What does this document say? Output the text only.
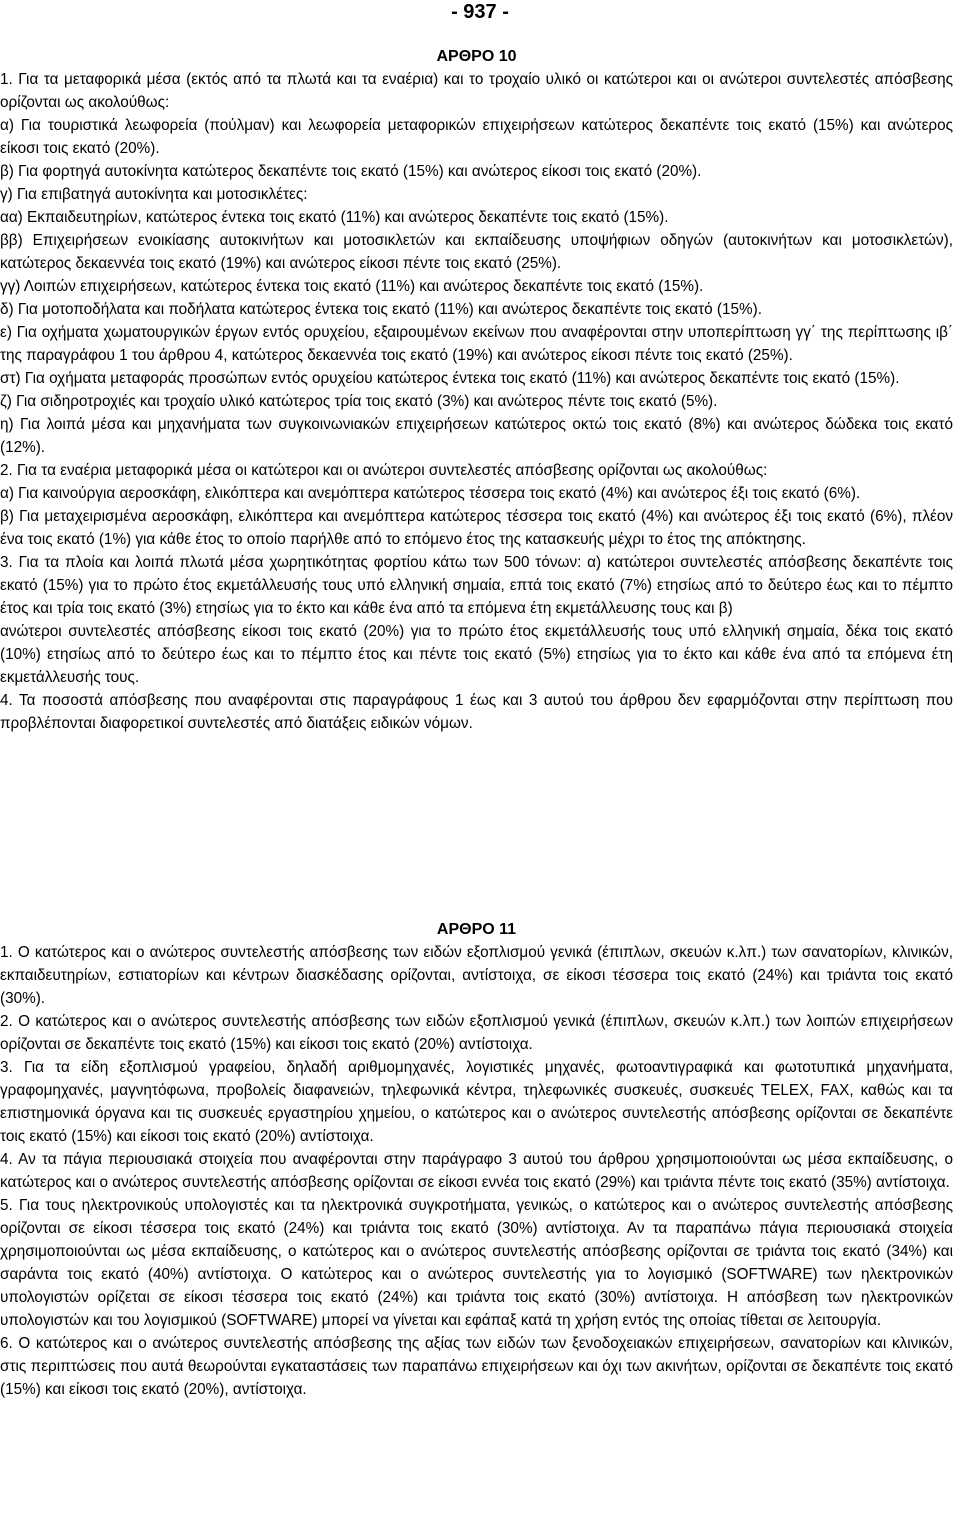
- 937 -
ΑΡΘΡΟ 10

1. Για τα μεταφορικά μέσα (εκτός από τα πλωτά και τα εναέρια) και το τροχαίο υλικό οι κατώτεροι και οι ανώτεροι συντελεστές απόσβεσης ορίζονται ως ακολούθως:

α) Για τουριστικά λεωφορεία (πούλμαν) και λεωφορεία μεταφορικών επιχειρήσεων κατώτερος δεκαπέντε τοις εκατό (15%) και ανώτερος είκοσι τοις εκατό (20%).

β) Για φορτηγά αυτοκίνητα κατώτερος δεκαπέντε τοις εκατό (15%) και ανώτερος είκοσι τοις εκατό (20%).

γ) Για επιβατηγά αυτοκίνητα και μοτοσικλέτες:

αα) Εκπαιδευτηρίων, κατώτερος έντεκα τοις εκατό (11%) και ανώτερος δεκαπέντε τοις εκατό (15%).

ββ) Επιχειρήσεων ενοικίασης αυτοκινήτων και μοτοσικλετών και εκπαίδευσης υποψήφιων οδηγών (αυτοκινήτων και μοτοσικλετών), κατώτερος δεκαεννέα τοις εκατό (19%) και ανώτερος είκοσι πέντε τοις εκατό (25%).

γγ) Λοιπών επιχειρήσεων, κατώτερος έντεκα τοις εκατό (11%) και ανώτερος δεκαπέντε τοις εκατό (15%).

δ) Για μοτοποδήλατα και ποδήλατα κατώτερος έντεκα τοις εκατό (11%) και ανώτερος δεκαπέντε τοις εκατό (15%).

ε) Για οχήματα χωματουργικών έργων εντός ορυχείου, εξαιρουμένων εκείνων που αναφέρονται στην υποπερίπτωση γγ΄ της περίπτωσης ιβ΄ της παραγράφου 1 του άρθρου 4, κατώτερος δεκαεννέα τοις εκατό (19%) και ανώτερος είκοσι πέντε τοις εκατό (25%).

στ) Για οχήματα μεταφοράς προσώπων εντός ορυχείου κατώτερος έντεκα τοις εκατό (11%) και ανώτερος δεκαπέντε τοις εκατό (15%).

ζ) Για σιδηροτροχιές και τροχαίο υλικό κατώτερος τρία τοις εκατό (3%) και ανώτερος πέντε τοις εκατό (5%).

η) Για λοιπά μέσα και μηχανήματα των συγκοινωνιακών επιχειρήσεων κατώτερος οκτώ τοις εκατό (8%) και ανώτερος δώδεκα τοις εκατό (12%).

2. Για τα εναέρια μεταφορικά μέσα οι κατώτεροι και οι ανώτεροι συντελεστές απόσβεσης ορίζονται ως ακολούθως:

α) Για καινούργια αεροσκάφη, ελικόπτερα και ανεμόπτερα κατώτερος τέσσερα τοις εκατό (4%) και ανώτερος έξι τοις εκατό (6%).

β) Για μεταχειρισμένα αεροσκάφη, ελικόπτερα και ανεμόπτερα κατώτερος τέσσερα τοις εκατό (4%) και ανώτερος έξι τοις εκατό (6%), πλέον ένα τοις εκατό (1%) για κάθε έτος το οποίο παρήλθε από το επόμενο έτος της κατασκευής μέχρι το έτος της απόκτησης.

3. Για τα πλοία και λοιπά πλωτά μέσα χωρητικότητας φορτίου κάτω των 500 τόνων: α) κατώτεροι συντελεστές απόσβεσης δεκαπέντε τοις εκατό (15%) για το πρώτο έτος εκμετάλλευσής τους υπό ελληνική σημαία, επτά τοις εκατό (7%) ετησίως από το δεύτερο έως και το πέμπτο έτος και τρία τοις εκατό (3%) ετησίως για το έκτο και κάθε ένα από τα επόμενα έτη εκμετάλλευσης τους και β)

ανώτεροι συντελεστές απόσβεσης είκοσι τοις εκατό (20%) για το πρώτο έτος εκμετάλλευσής τους υπό ελληνική σημαία, δέκα τοις εκατό (10%) ετησίως από το δεύτερο έως και το πέμπτο έτος και πέντε τοις εκατό (5%) ετησίως για το έκτο και κάθε ένα από τα επόμενα έτη εκμετάλλευσής τους.

4. Τα ποσοστά απόσβεσης που αναφέρονται στις παραγράφους 1 έως και 3 αυτού του άρθρου δεν εφαρμόζονται στην περίπτωση που προβλέπονται διαφορετικοί συντελεστές από διατάξεις ειδικών νόμων.

ΑΡΘΡΟ 11

1. Ο κατώτερος και ο ανώτερος συντελεστής απόσβεσης των ειδών εξοπλισμού γενικά (έπιπλων, σκευών κ.λπ.) των σανατορίων, κλινικών, εκπαιδευτηρίων, εστιατορίων και κέντρων διασκέδασης ορίζονται, αντίστοιχα, σε είκοσι τέσσερα τοις εκατό (24%) και τριάντα τοις εκατό (30%).

2. Ο κατώτερος και ο ανώτερος συντελεστής απόσβεσης των ειδών εξοπλισμού γενικά (έπιπλων, σκευών κ.λπ.) των λοιπών επιχειρήσεων ορίζονται σε δεκαπέντε τοις εκατό (15%) και είκοσι τοις εκατό (20%) αντίστοιχα.

3. Για τα είδη εξοπλισμού γραφείου, δηλαδή αριθμομηχανές, λογιστικές μηχανές, φωτοαντιγραφικά και φωτοτυπικά μηχανήματα, γραφομηχανές, μαγνητόφωνα, προβολείς διαφανειών, τηλεφωνικά κέντρα, τηλεφωνικές συσκευές, συσκευές TELEX, FAX, καθώς και τα επιστημονικά όργανα και τις συσκευές εργαστηρίου χημείου, ο κατώτερος και ο ανώτερος συντελεστής απόσβεσης ορίζονται σε δεκαπέντε τοις εκατό (15%) και είκοσι τοις εκατό (20%) αντίστοιχα.

4. Αν τα πάγια περιουσιακά στοιχεία που αναφέρονται στην παράγραφο 3 αυτού του άρθρου χρησιμοποιούνται ως μέσα εκπαίδευσης, ο κατώτερος και ο ανώτερος συντελεστής απόσβεσης ορίζονται σε είκοσι εννέα τοις εκατό (29%) και τριάντα πέντε τοις εκατό (35%) αντίστοιχα.

5. Για τους ηλεκτρονικούς υπολογιστές και τα ηλεκτρονικά συγκροτήματα, γενικώς, ο κατώτερος και ο ανώτερος συντελεστής απόσβεσης ορίζονται σε είκοσι τέσσερα τοις εκατό (24%) και τριάντα τοις εκατό (30%) αντίστοιχα. Αν τα παραπάνω πάγια περιουσιακά στοιχεία χρησιμοποιούνται ως μέσα εκπαίδευσης, ο κατώτερος και ο ανώτερος συντελεστής απόσβεσης ορίζονται σε τριάντα τοις εκατό (34%) και σαράντα τοις εκατό (40%) αντίστοιχα. Ο κατώτερος και ο ανώτερος συντελεστής για το λογισμικό (SOFTWARE) των ηλεκτρονικών υπολογιστών ορίζεται σε είκοσι τέσσερα τοις εκατό (24%) και τριάντα τοις εκατό (30%) αντίστοιχα. Η απόσβεση των ηλεκτρονικών υπολογιστών και του λογισμικού (SOFTWARE) μπορεί να γίνεται και εφάπαξ κατά τη χρήση εντός της οποίας τίθεται σε λειτουργία.

6. Ο κατώτερος και ο ανώτερος συντελεστής απόσβεσης της αξίας των ειδών των ξενοδοχειακών επιχειρήσεων, σανατορίων και κλινικών, στις περιπτώσεις που αυτά θεωρούνται εγκαταστάσεις των παραπάνω επιχειρήσεων και όχι των ακινήτων, ορίζονται σε δεκαπέντε τοις εκατό (15%) και είκοσι τοις εκατό (20%), αντίστοιχα.
